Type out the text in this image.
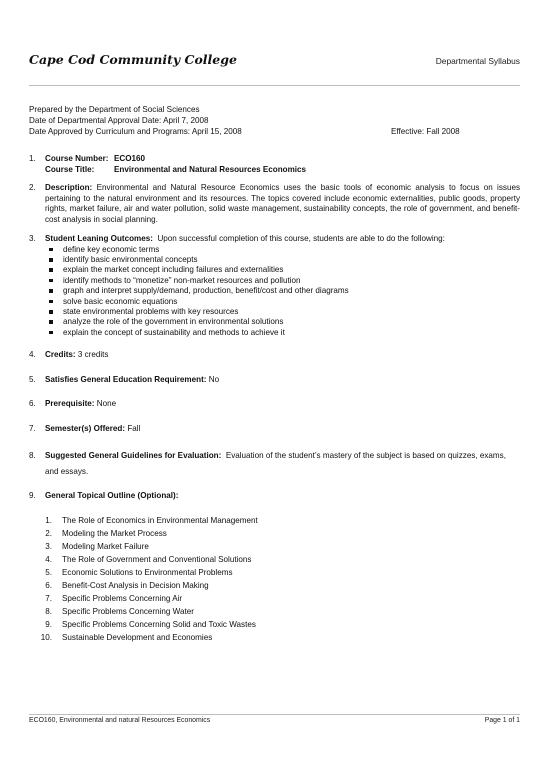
Cape Cod Community College	Departmental Syllabus
Prepared by the Department of Social Sciences
Date of Departmental Approval Date: April 7, 2008
Date Approved by Curriculum and Programs: April 15, 2008	Effective: Fall 2008
1.	Course Number: ECO160
Course Title:	Environmental and Natural Resources Economics
2.	Description: Environmental and Natural Resource Economics uses the basic tools of economic analysis to focus on issues pertaining to the natural environment and its resources. The topics covered include economic externalities, public goods, property rights, market failure, air and water pollution, solid waste management, sustainability concepts, the role of government, and benefit-cost analysis in social planning.
3.	Student Leaning Outcomes: Upon successful completion of this course, students are able to do the following:
define key economic terms
identify basic environmental concepts
explain the market concept including failures and externalities
identify methods to “monetize” non-market resources and pollution
graph and interpret supply/demand, production, benefit/cost and other diagrams
solve basic economic equations
state environmental problems with key resources
analyze the role of the government in environmental solutions
explain the concept of sustainability and methods to achieve it
4.	Credits: 3 credits
5.	Satisfies General Education Requirement: No
6.	Prerequisite: None
7.	Semester(s) Offered: Fall
8.	Suggested General Guidelines for Evaluation: Evaluation of the student’s mastery of the subject is based on quizzes, exams, and essays.
9.	General Topical Outline (Optional):
1. The Role of Economics in Environmental Management
2. Modeling the Market Process
3. Modeling Market Failure
4. The Role of Government and Conventional Solutions
5. Economic Solutions to Environmental Problems
6. Benefit-Cost Analysis in Decision Making
7. Specific Problems Concerning Air
8. Specific Problems Concerning Water
9. Specific Problems Concerning Solid and Toxic Wastes
10. Sustainable Development and Economies
ECO160, Environmental and natural Resources Economics	Page 1 of 1
